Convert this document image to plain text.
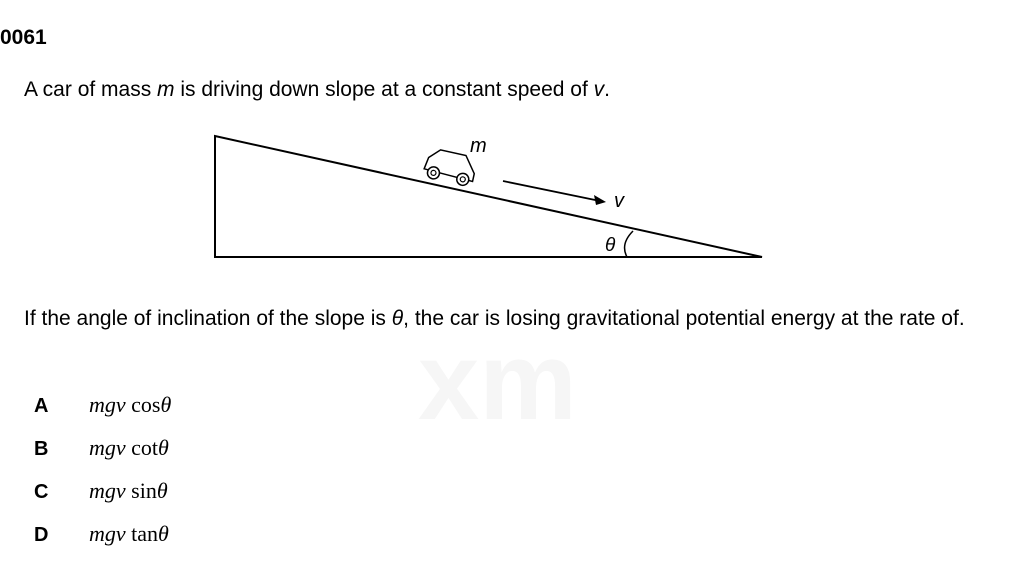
xm
0061
A car of mass m is driving down slope at a constant speed of v.
m
v
θ
If the angle of inclination of the slope is θ, the car is losing gravitational potential energy at the rate of.
A mgv cosθ
B mgv cotθ
C mgv sinθ
D mgv tanθ
